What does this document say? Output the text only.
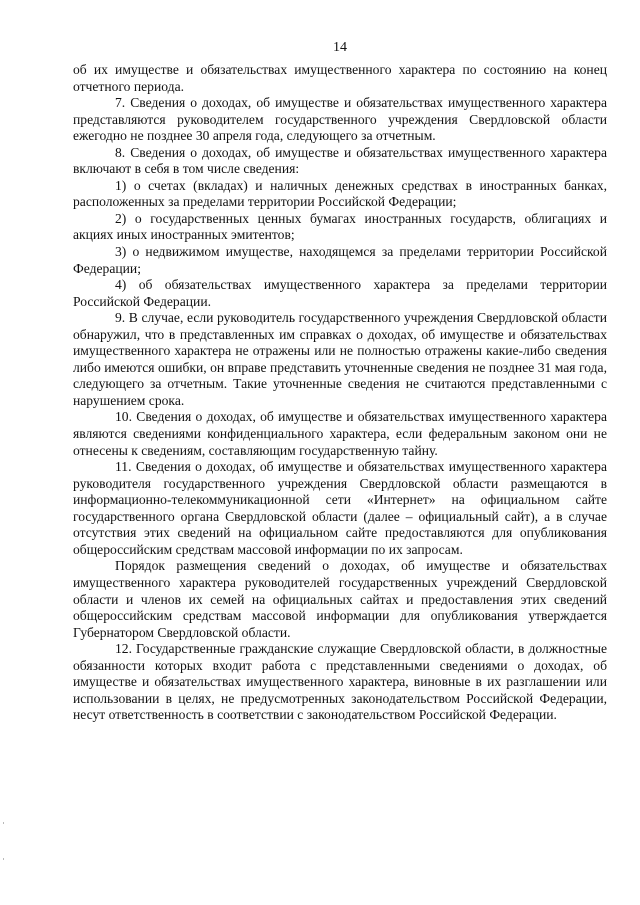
14

об их имуществе и обязательствах имущественного характера по состоянию на конец отчетного периода.

7. Сведения о доходах, об имуществе и обязательствах имущественного характера представляются руководителем государственного учреждения Свердловской области ежегодно не позднее 30 апреля года, следующего за отчетным.

8. Сведения о доходах, об имуществе и обязательствах имущественного характера включают в себя в том числе сведения:

1) о счетах (вкладах) и наличных денежных средствах в иностранных банках, расположенных за пределами территории Российской Федерации;

2) о государственных ценных бумагах иностранных государств, облигациях и акциях иных иностранных эмитентов;

3) о недвижимом имуществе, находящемся за пределами территории Российской Федерации;

4) об обязательствах имущественного характера за пределами территории Российской Федерации.

9. В случае, если руководитель государственного учреждения Свердловской области обнаружил, что в представленных им справках о доходах, об имуществе и обязательствах имущественного характера не отражены или не полностью отражены какие-либо сведения либо имеются ошибки, он вправе представить уточненные сведения не позднее 31 мая года, следующего за отчетным. Такие уточненные сведения не считаются представленными с нарушением срока.

10. Сведения о доходах, об имуществе и обязательствах имущественного характера являются сведениями конфиденциального характера, если федеральным законом они не отнесены к сведениям, составляющим государственную тайну.

11. Сведения о доходах, об имуществе и обязательствах имущественного характера руководителя государственного учреждения Свердловской области размещаются в информационно-телекоммуникационной сети «Интернет» на официальном сайте государственного органа Свердловской области (далее – официальный сайт), а в случае отсутствия этих сведений на официальном сайте предоставляются для опубликования общероссийским средствам массовой информации по их запросам.

Порядок размещения сведений о доходах, об имуществе и обязательствах имущественного характера руководителей государственных учреждений Свердловской области и членов их семей на официальных сайтах и предоставления этих сведений общероссийским средствам массовой информации для опубликования утверждается Губернатором Свердловской области.

12. Государственные гражданские служащие Свердловской области, в должностные обязанности которых входит работа с представленными сведениями о доходах, об имуществе и обязательствах имущественного характера, виновные в их разглашении или использовании в целях, не предусмотренных законодательством Российской Федерации, несут ответственность в соответствии с законодательством Российской Федерации.
